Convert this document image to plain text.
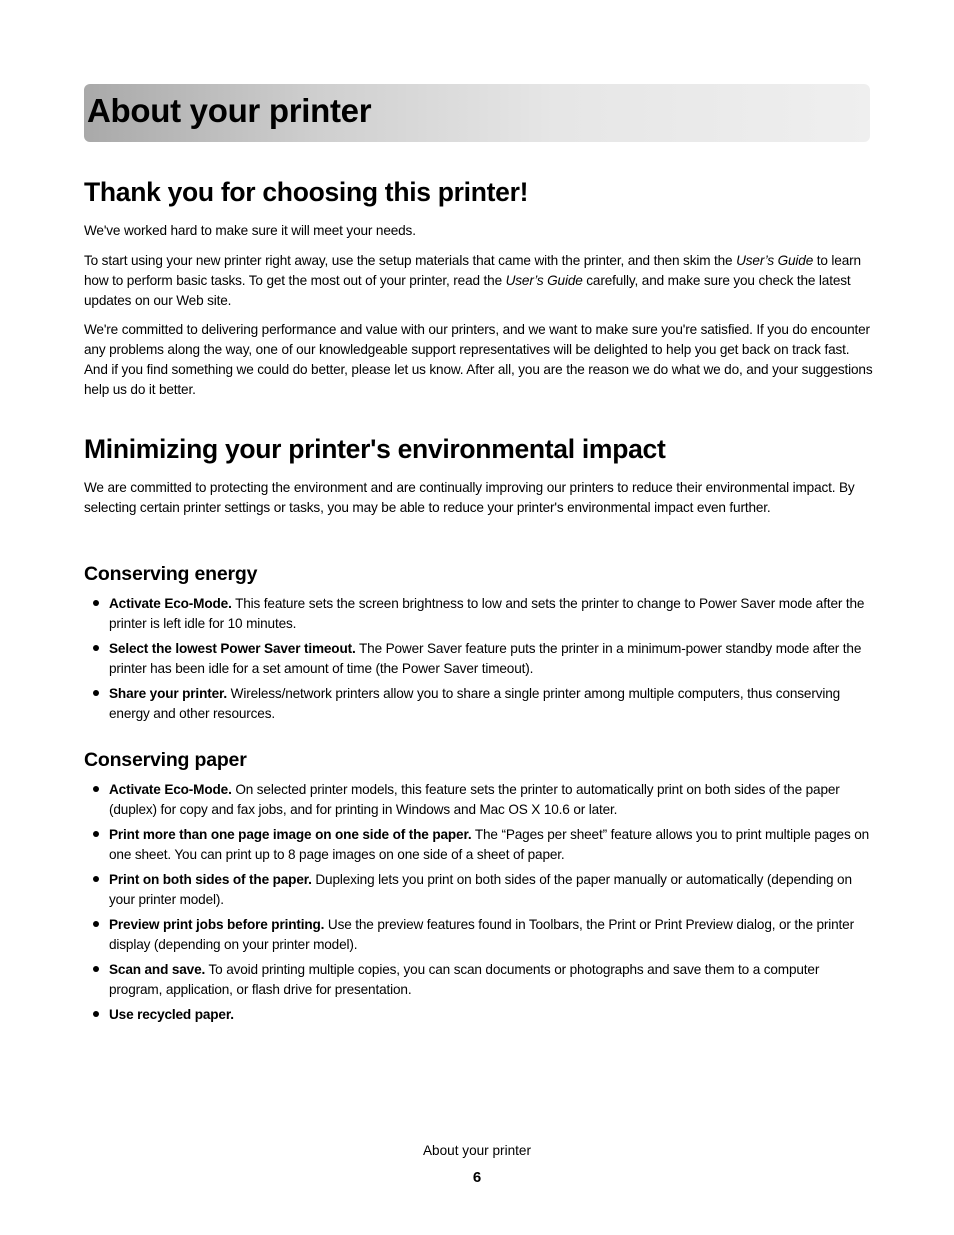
About your printer
Thank you for choosing this printer!

We've worked hard to make sure it will meet your needs.

To start using your new printer right away, use the setup materials that came with the printer, and then skim the User’s Guide to learn how to perform basic tasks. To get the most out of your printer, read the User’s Guide carefully, and make sure you check the latest updates on our Web site.

We're committed to delivering performance and value with our printers, and we want to make sure you're satisfied. If you do encounter any problems along the way, one of our knowledgeable support representatives will be delighted to help you get back on track fast. And if you find something we could do better, please let us know. After all, you are the reason we do what we do, and your suggestions help us do it better.

Minimizing your printer's environmental impact

We are committed to protecting the environment and are continually improving our printers to reduce their environmental impact. By selecting certain printer settings or tasks, you may be able to reduce your printer's environmental impact even further.

Conserving energy
Activate Eco‑Mode. This feature sets the screen brightness to low and sets the printer to change to Power Saver mode after the printer is left idle for 10 minutes.
Select the lowest Power Saver timeout. The Power Saver feature puts the printer in a minimum‑power standby mode after the printer has been idle for a set amount of time (the Power Saver timeout).
Share your printer. Wireless/network printers allow you to share a single printer among multiple computers, thus conserving energy and other resources.
Conserving paper
Activate Eco‑Mode. On selected printer models, this feature sets the printer to automatically print on both sides of the paper (duplex) for copy and fax jobs, and for printing in Windows and Mac OS X 10.6 or later.
Print more than one page image on one side of the paper. The “Pages per sheet” feature allows you to print multiple pages on one sheet. You can print up to 8 page images on one side of a sheet of paper.
Print on both sides of the paper. Duplexing lets you print on both sides of the paper manually or automatically (depending on your printer model).
Preview print jobs before printing. Use the preview features found in Toolbars, the Print or Print Preview dialog, or the printer display (depending on your printer model).
Scan and save. To avoid printing multiple copies, you can scan documents or photographs and save them to a computer program, application, or flash drive for presentation.
Use recycled paper.
About your printer
6
